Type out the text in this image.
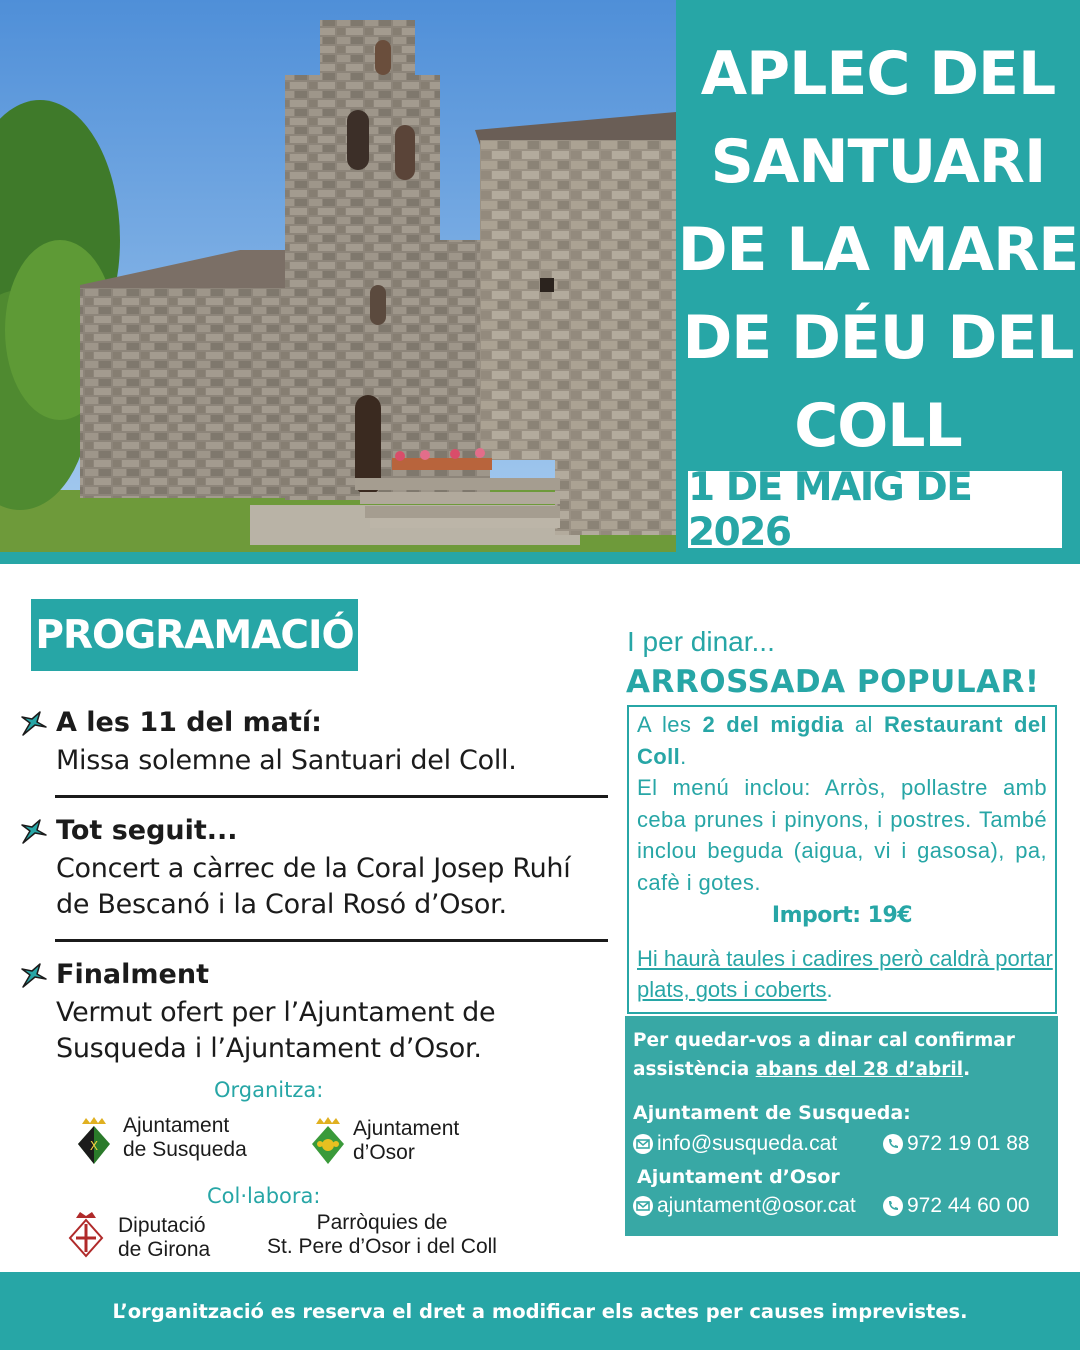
APLEC DEL
SANTUARI
DE LA MARE
DE DÉU DEL
COLL
1 DE MAIG DE 2026
PROGRAMACIÓ
A les 11 del matí:
Missa solemne al Santuari del Coll.
Tot seguit...
Concert a càrrec de la Coral Josep Ruhí
de Bescanó i la Coral Rosó d’Osor.
Finalment
Vermut ofert per l’Ajuntament de
Susqueda i l’Ajuntament d’Osor.
Organitza:
X
Ajuntament
de Susqueda
Ajuntament
d’Osor
Col·labora:
Diputació
de Girona
Parròquies de
St. Pere d’Osor i del Coll
I per dinar...
ARROSSADA POPULAR!
A les 2 del migdia al Restaurant del Coll.
El menú inclou: Arròs, pollastre amb ceba prunes i pinyons, i postres. També inclou beguda (aigua, vi i gasosa), pa, cafè i gotes.
Import: 19€
Hi haurà taules i cadires però caldrà portar plats, gots i coberts.
Per quedar-vos a dinar cal confirmar assistència abans del 28 d’abril.
Ajuntament de Susqueda:
info@susqueda.cat	972 19 01 88
Ajuntament d’Osor
ajuntament@osor.cat 972 44 60 00
L’organització es reserva el dret a modificar els actes per causes imprevistes.
